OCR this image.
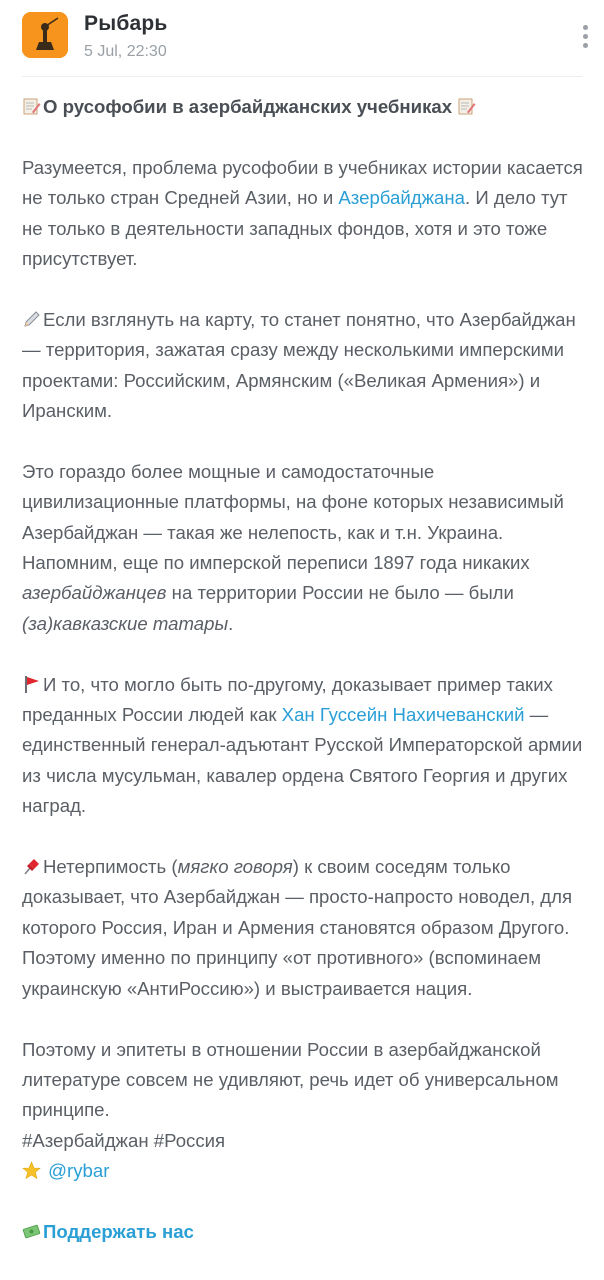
Рыбарь
5 Jul, 22:30

О русофобии в азербайджанских учебниках

Разумеется, проблема русофобии в учебниках истории касается не только стран Средней Азии, но и Азербайджана. И дело тут не только в деятельности западных фондов, хотя и это тоже присутствует.

Если взглянуть на карту, то станет понятно, что Азербайджан — территория, зажатая сразу между несколькими имперскими проектами: Российским, Армянским («Великая Армения») и Иранским.

Это гораздо более мощные и самодостаточные цивилизационные платформы, на фоне которых независимый Азербайджан — такая же нелепость, как и т.н. Украина. Напомним, еще по имперской переписи 1897 года никаких азербайджанцев на территории России не было — были (за)кавказские татары.

И то, что могло быть по-другому, доказывает пример таких преданных России людей как Хан Гуссейн Нахичеванский — единственный генерал-адъютант Русской Императорской армии из числа мусульман, кавалер ордена Святого Георгия и других наград.

Нетерпимость (мягко говоря) к своим соседям только доказывает, что Азербайджан — просто-напросто новодел, для которого Россия, Иран и Армения становятся образом Другого. Поэтому именно по принципу «от противного» (вспоминаем украинскую «АнтиРоссию») и выстраивается нация.

Поэтому и эпитеты в отношении России в азербайджанской литературе совсем не удивляют, речь идет об универсальном принципе.

#Азербайджан #Россия

@rybar

Поддержать нас
